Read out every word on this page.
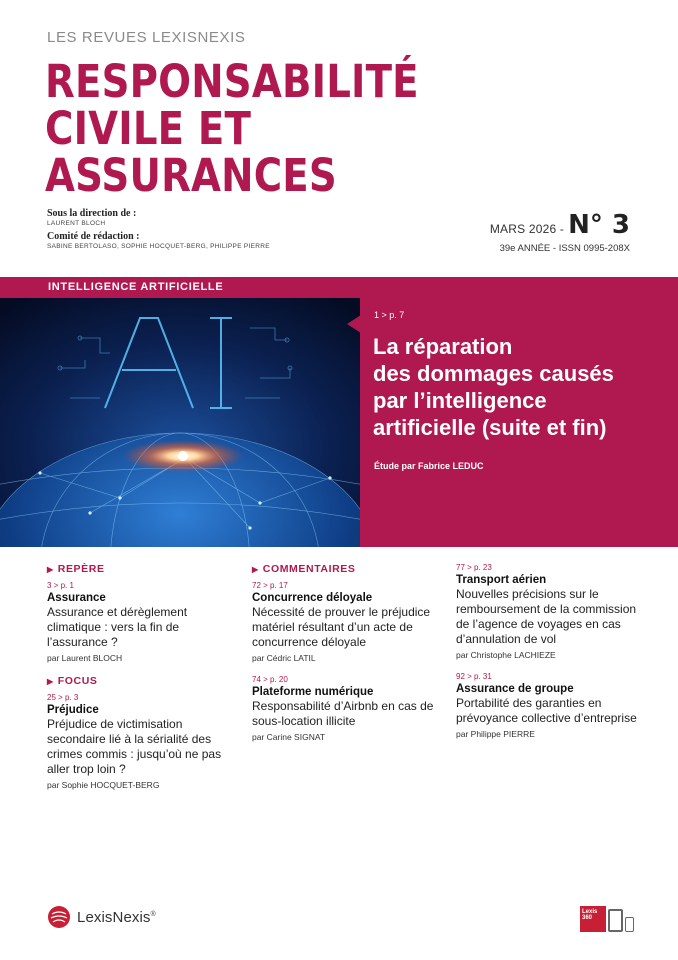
LES REVUES LEXISNEXIS
RESPONSABILITÉ
CIVILE ET
ASSURANCES
Sous la direction de :
LAURENT BLOCH
Comité de rédaction :
SABINE BERTOLASO, SOPHIE HOCQUET-BERG, PHILIPPE PIERRE
MARS 2026 - N° 3
39e ANNÉE - ISSN 0995-208X
INTELLIGENCE ARTIFICIELLE
1 > p. 7
La réparation
des dommages causés
par l’intelligence
artificielle (suite et fin)
Étude par Fabrice LEDUC
▶ REPÈRE
3 > p. 1
Assurance
Assurance et dérèglement climatique : vers la fin de l’assurance ?
par Laurent BLOCH
▶ FOCUS
25 > p. 3
Préjudice
Préjudice de victimisation secondaire lié à la sérialité des crimes commis : jusqu’où ne pas aller trop loin ?
par Sophie HOCQUET-BERG
▶ COMMENTAIRES
72 > p. 17
Concurrence déloyale
Nécessité de prouver le préjudice matériel résultant d’un acte de concurrence déloyale
par Cédric LATIL
74 > p. 20
Plateforme numérique
Responsabilité d’Airbnb en cas de sous-location illicite
par Carine SIGNAT
77 > p. 23
Transport aérien
Nouvelles précisions sur le remboursement de la commission de l’agence de voyages en cas d’annulation de vol
par Christophe LACHIEZE
92 > p. 31
Assurance de groupe
Portabilité des garanties en prévoyance collective d’entreprise
par Philippe PIERRE
LexisNexis®	Lexis 360
